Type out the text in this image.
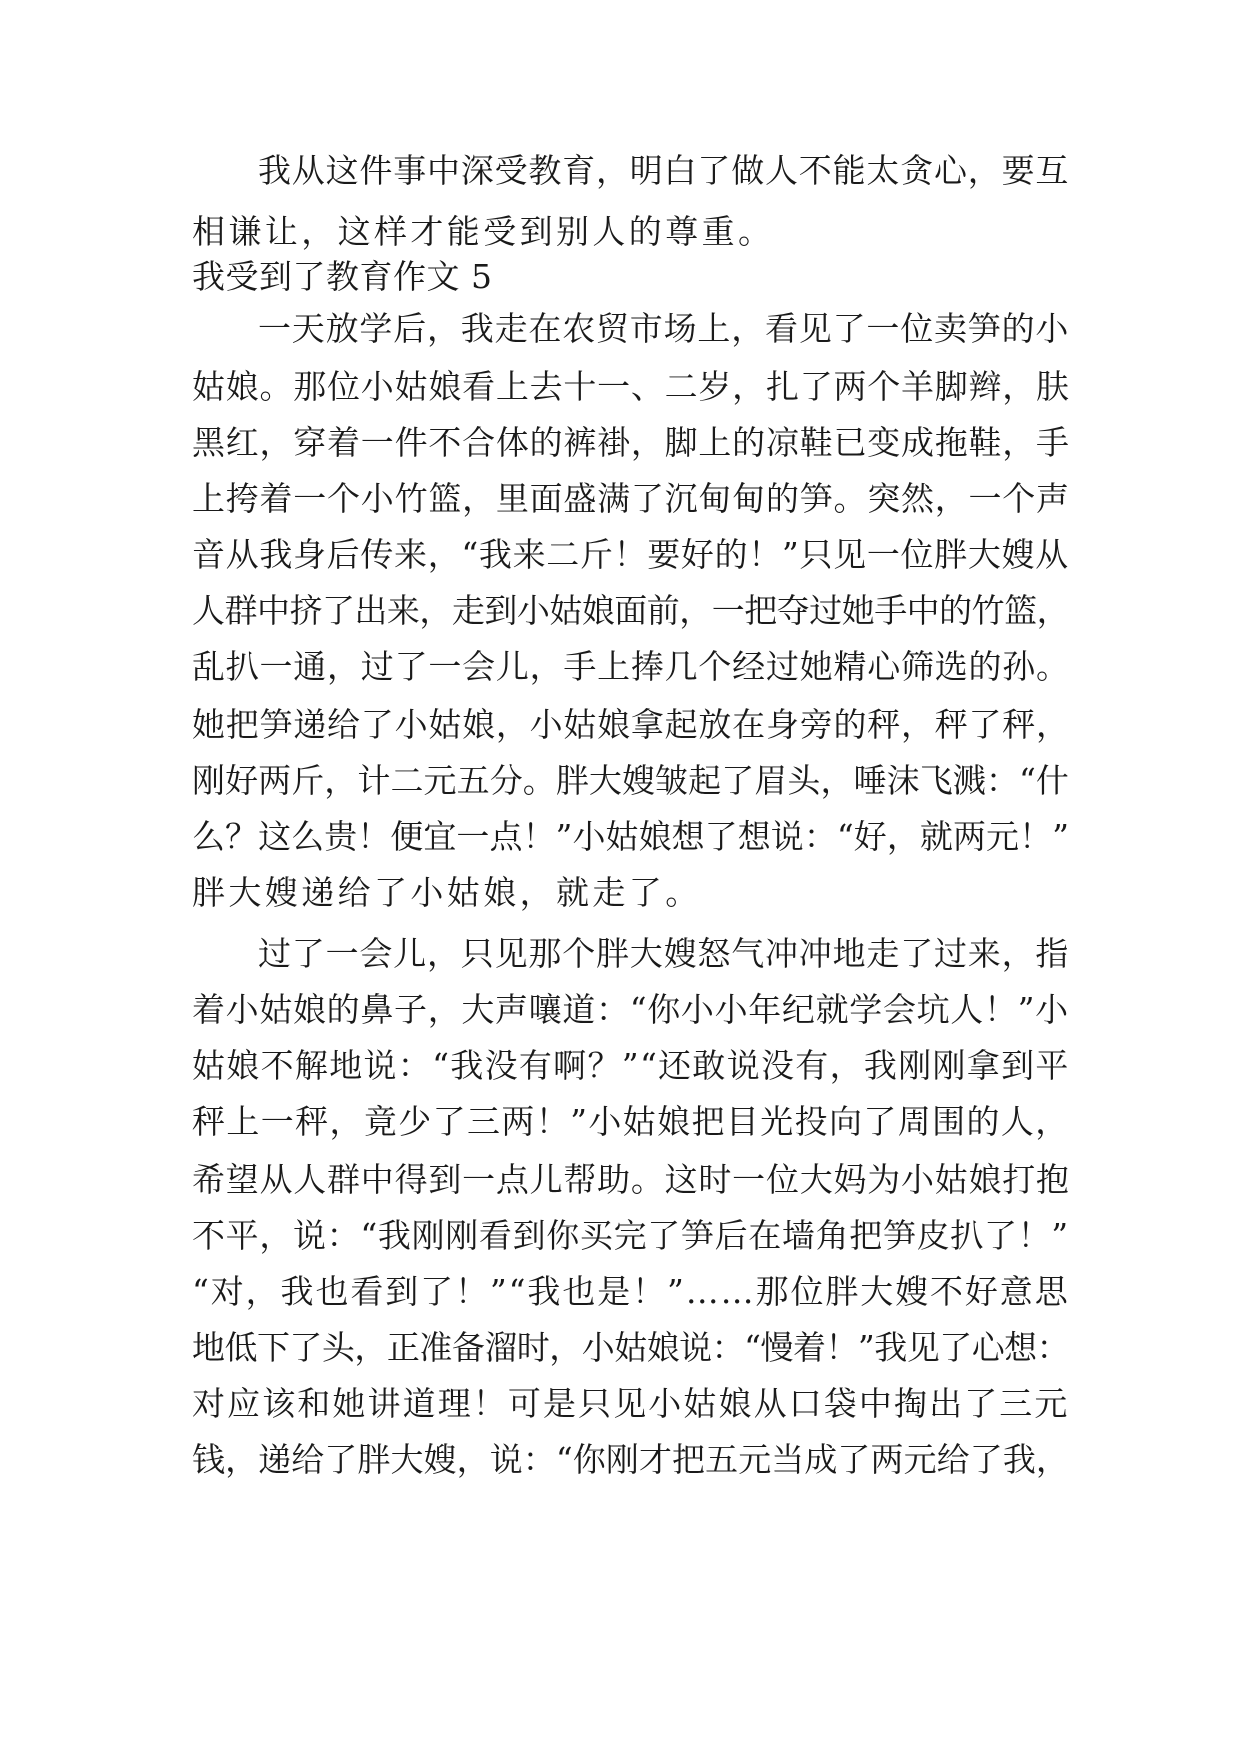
我从这件事中深受教育，明白了做人不能太贪心，要互
相谦让，这样才能受到别人的尊重。
我受到了教育作文 5
一天放学后，我走在农贸市场上，看见了一位卖笋的小
姑娘。那位小姑娘看上去十一、二岁，扎了两个羊脚辫，肤
黑红，穿着一件不合体的裤褂，脚上的凉鞋已变成拖鞋，手
上挎着一个小竹篮，里面盛满了沉甸甸的笋。突然，一个声
音从我身后传来，“我来二斤！要好的！”只见一位胖大嫂从
人群中挤了出来，走到小姑娘面前，一把夺过她手中的竹篮，
乱扒一通，过了一会儿，手上捧几个经过她精心筛选的孙。
她把笋递给了小姑娘，小姑娘拿起放在身旁的秤，秤了秤，
刚好两斤，计二元五分。胖大嫂皱起了眉头，唾沫飞溅：“什
么？这么贵！便宜一点！”小姑娘想了想说：“好，就两元！”
胖大嫂递给了小姑娘，就走了。
过了一会儿，只见那个胖大嫂怒气冲冲地走了过来，指
着小姑娘的鼻子，大声嚷道：“你小小年纪就学会坑人！”小
姑娘不解地说：“我没有啊？”“还敢说没有，我刚刚拿到平
秤上一秤，竟少了三两！”小姑娘把目光投向了周围的人，
希望从人群中得到一点儿帮助。这时一位大妈为小姑娘打抱
不平，说：“我刚刚看到你买完了笋后在墙角把笋皮扒了！”
“对，我也看到了！”“我也是！”……那位胖大嫂不好意思
地低下了头，正准备溜时，小姑娘说：“慢着！”我见了心想：
对应该和她讲道理！可是只见小姑娘从口袋中掏出了三元
钱，递给了胖大嫂，说：“你刚才把五元当成了两元给了我，
